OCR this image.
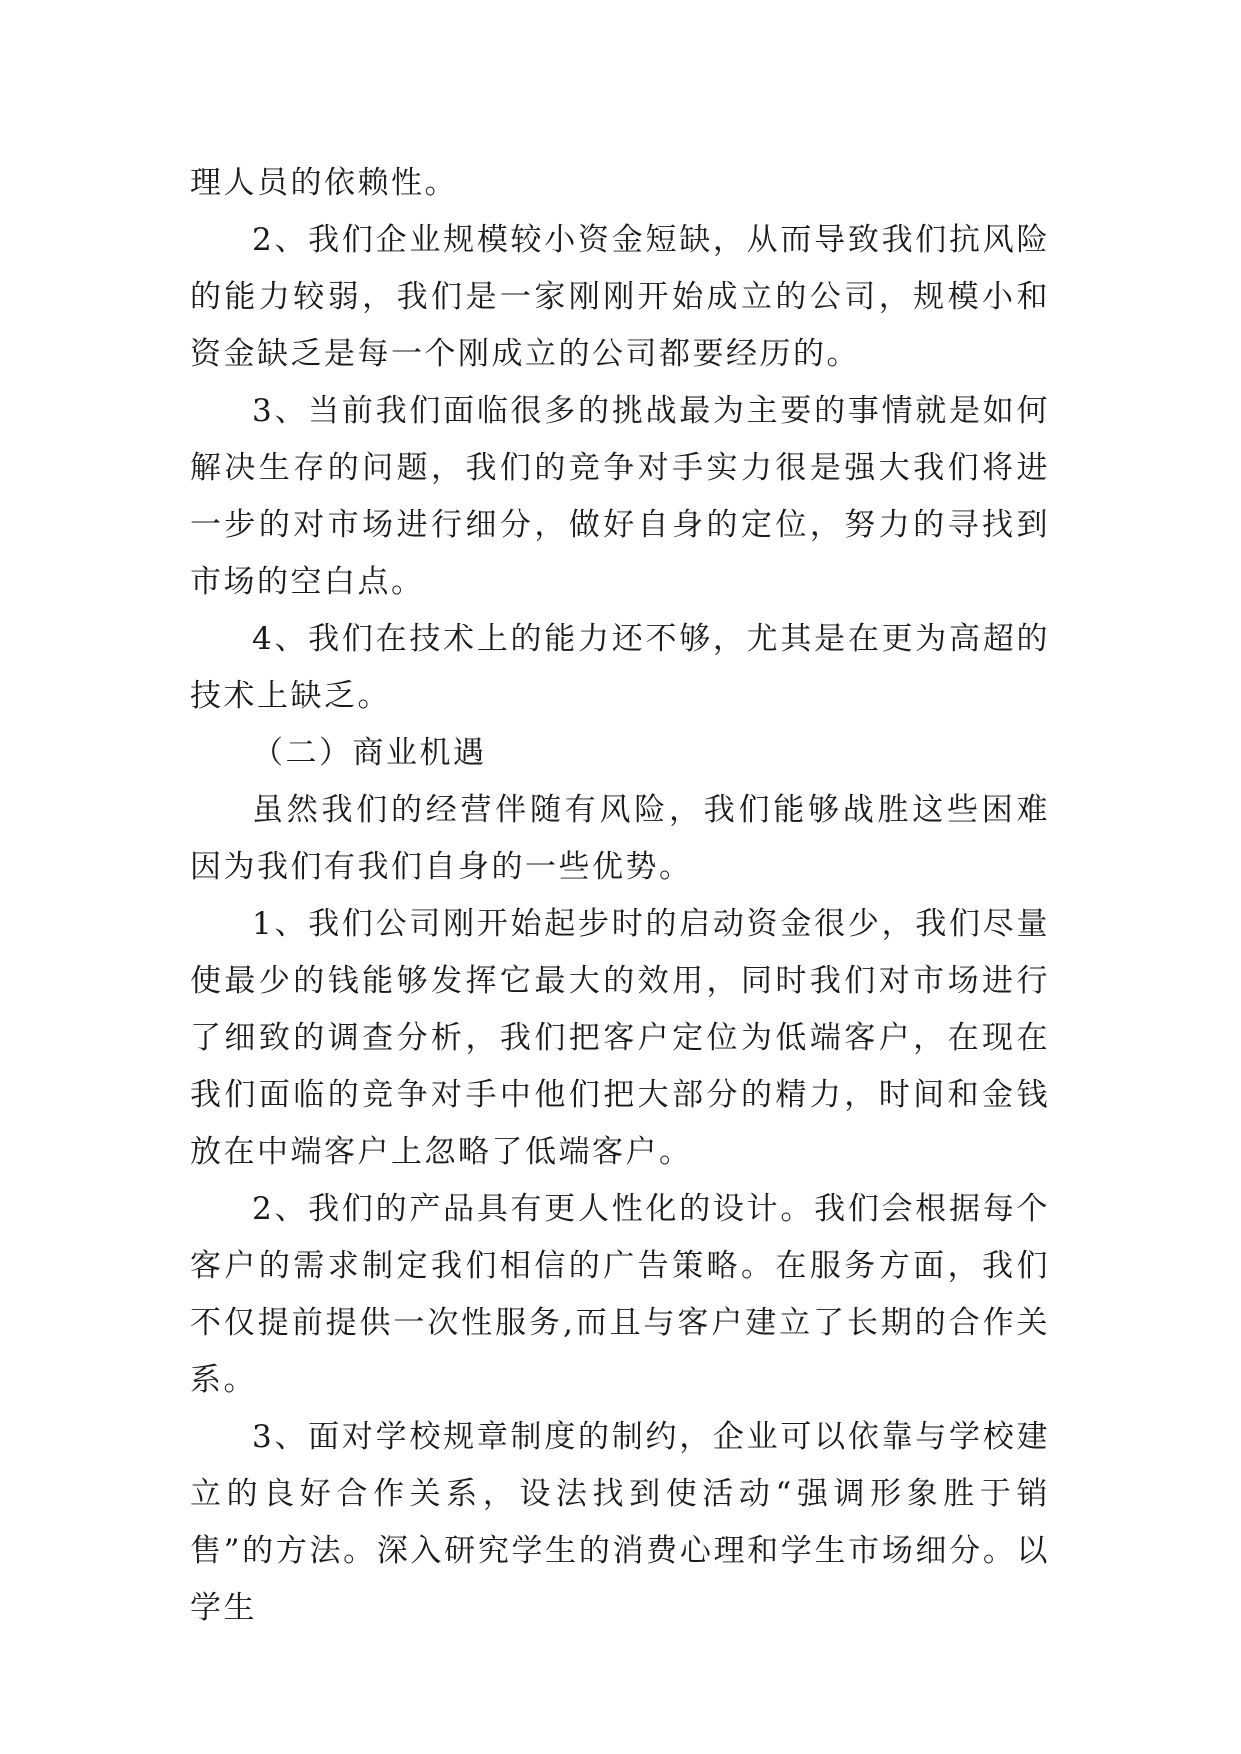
理人员的依赖性。

2、我们企业规模较小资金短缺，从而导致我们抗风险的能力较弱，我们是一家刚刚开始成立的公司，规模小和资金缺乏是每一个刚成立的公司都要经历的。

3、当前我们面临很多的挑战最为主要的事情就是如何解决生存的问题，我们的竞争对手实力很是强大我们将进一步的对市场进行细分，做好自身的定位，努力的寻找到市场的空白点。

4、我们在技术上的能力还不够，尤其是在更为高超的技术上缺乏。

（二）商业机遇

虽然我们的经营伴随有风险，我们能够战胜这些困难因为我们有我们自身的一些优势。

1、我们公司刚开始起步时的启动资金很少，我们尽量使最少的钱能够发挥它最大的效用，同时我们对市场进行了细致的调查分析，我们把客户定位为低端客户，在现在我们面临的竞争对手中他们把大部分的精力，时间和金钱放在中端客户上忽略了低端客户。

2、我们的产品具有更人性化的设计。我们会根据每个客户的需求制定我们相信的广告策略。在服务方面，我们不仅提前提供一次性服务,而且与客户建立了长期的合作关系。

3、面对学校规章制度的制约，企业可以依靠与学校建立的良好合作关系，设法找到使活动“强调形象胜于销售”的方法。深入研究学生的消费心理和学生市场细分。以学生
